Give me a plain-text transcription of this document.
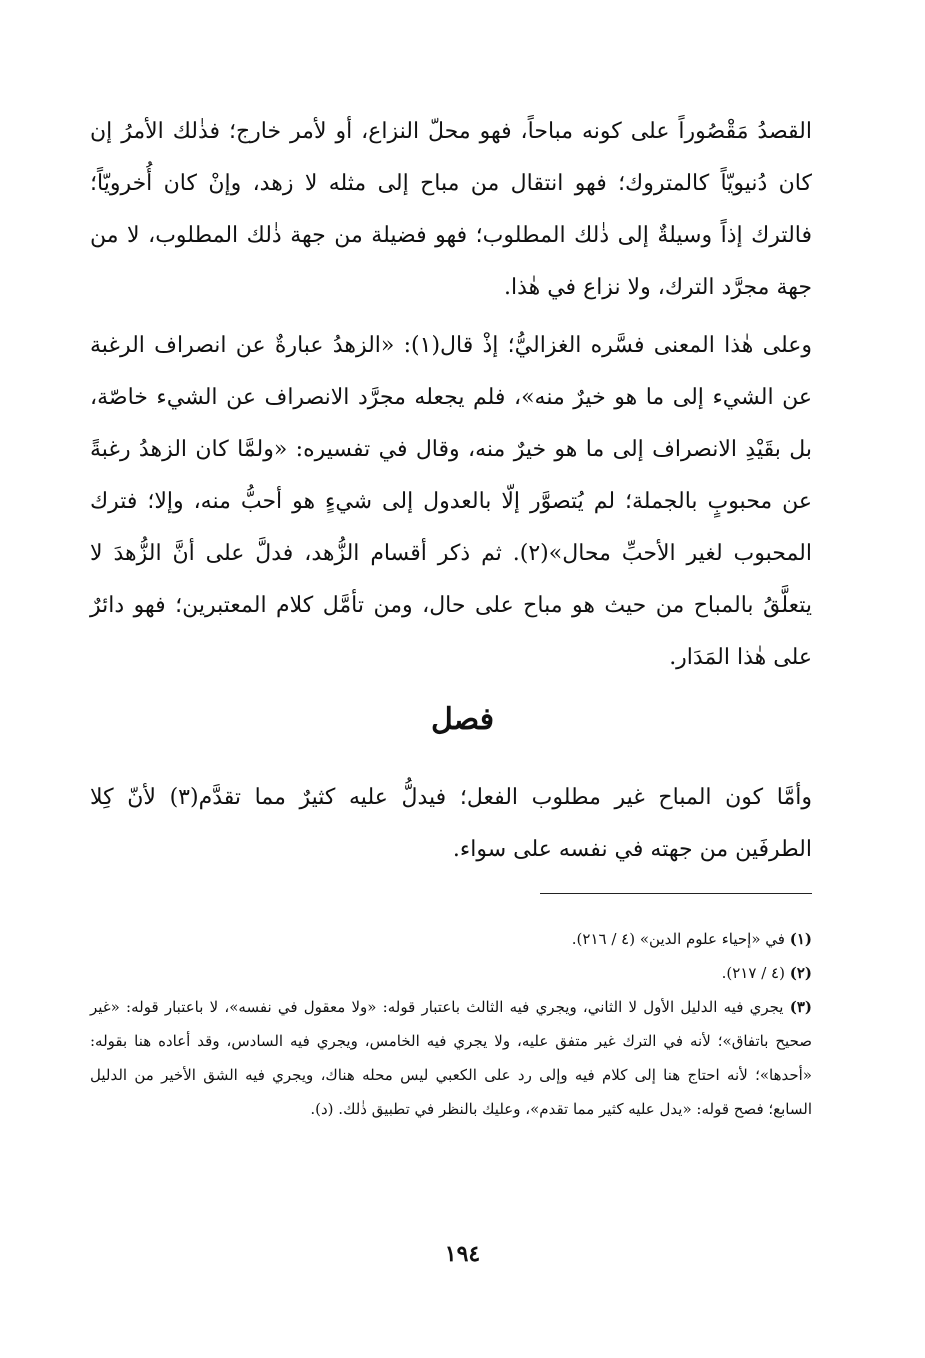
القصدُ مَقْصُوراً على كونه مباحاً، فهو محلّ النزاع، أو لأمر خارج؛ فذٰلك الأمرُ إن كان دُنيويّاً كالمتروك؛ فهو انتقال من مباح إلى مثله لا زهد، وإنْ كان أُخرويّاً؛ فالترك إذاً وسيلةٌ إلى ذٰلك المطلوب؛ فهو فضيلة من جهة ذٰلك المطلوب، لا من جهة مجرَّد الترك، ولا نزاع في هٰذا.

وعلى هٰذا المعنى فسَّره الغزاليُّ؛ إذْ قال(١): «الزهدُ عبارةٌ عن انصراف الرغبة عن الشيء إلى ما هو خيرٌ منه»، فلم يجعله مجرَّد الانصراف عن الشيء خاصّة، بل بقَيْدِ الانصراف إلى ما هو خيرٌ منه، وقال في تفسيره: «ولمَّا كان الزهدُ رغبةً عن محبوبٍ بالجملة؛ لم يُتصوَّر إلّا بالعدول إلى شيءٍ هو أحبُّ منه، وإلا؛ فترك المحبوب لغير الأحبِّ محال»(٢). ثم ذكر أقسام الزُّهد، فدلَّ على أنَّ الزُّهدَ لا يتعلَّقُ بالمباح من حيث هو مباح على حال، ومن تأمَّل كلام المعتبرين؛ فهو دائرٌ على هٰذا المَدَار.

فصل

وأمَّا كون المباح غير مطلوب الفعل؛ فيدلُّ عليه كثيرٌ مما تقدَّم(٣) لأنّ كِلا الطرفَين من جهته في نفسه على سواء.

(١) في «إحياء علوم الدين» (٤ / ٢١٦).

(٢) (٤ / ٢١٧).

(٣) يجري فيه الدليل الأول لا الثاني، ويجري فيه الثالث باعتبار قوله: «ولا معقول في نفسه»، لا باعتبار قوله: «غير صحيح باتفاق»؛ لأنه في الترك غير متفق عليه، ولا يجري فيه الخامس، ويجري فيه السادس، وقد أعاده هنا بقوله: «أحدها»؛ لأنه احتاج هنا إلى كلام فيه وإلى رد على الكعبي ليس محله هناك، ويجري فيه الشق الأخير من الدليل السابع؛ فصح قوله: «يدل عليه كثير مما تقدم»، وعليك بالنظر في تطبيق ذٰلك. (د).

١٩٤
